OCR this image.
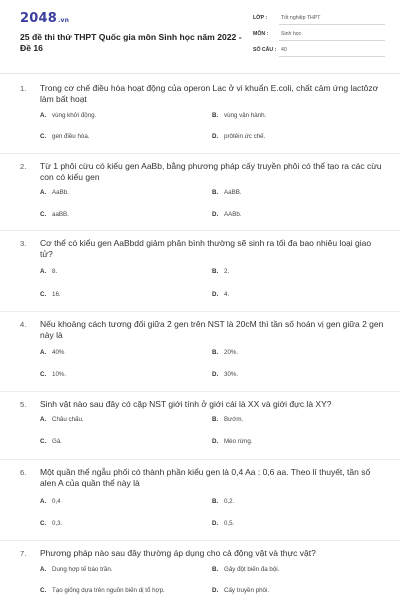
2048.vn
25 đề thi thử THPT Quốc gia môn Sinh học năm 2022 - Đề 16
LỚP :	Tốt nghiệp THPT
MÔN : Sinh học
SỐ CÂU : 40
1. Trong cơ chế điều hòa hoạt động của operon Lac ở vi khuẩn E.coli, chất cảm ứng lactôzơ làm bất hoạt
A. vùng khởi động.	B. vùng vận hành.
C. gen điều hòa.	D. prôtêin ức chế.
2. Từ 1 phôi cừu có kiểu gen AaBb, bằng phương pháp cấy truyền phôi có thể tạo ra các cừu con có kiểu gen
A. AaBb.	B. AaBB.
C. aaBB.	D. AABb.
3. Cơ thể có kiểu gen AaBbdd giảm phân bình thường sẽ sinh ra tối đa bao nhiêu loại giao tử?
A. 8.	B. 2.
C. 16.	D. 4.
4. Nếu khoảng cách tương đối giữa 2 gen trên NST là 20cM thì tần số hoán vị gen giữa 2 gen này là
A. 40%	B. 20%.
C. 10%.	D. 30%.
5. Sinh vật nào sau đây có cặp NST giới tính ở giới cái là XX và giới đực là XY?
A. Châu chấu.	B. Bướm.
C. Gà.	D. Mèo rừng.
6. Một quần thể ngẫu phối có thành phần kiểu gen là 0,4 Aa : 0,6 aa. Theo lí thuyết, tần số alen A của quần thể này là
A. 0,4	B. 0,2.
C. 0,3.	D. 0,5.
7. Phương pháp nào sau đây thường áp dụng cho cả động vật và thực vật?
A. Dung hợp tế bào trần.	B. Gây đột biến đa bội.
C. Tạo giống dựa trên nguồn biến dị tổ hợp.	D. Cấy truyền phôi.
